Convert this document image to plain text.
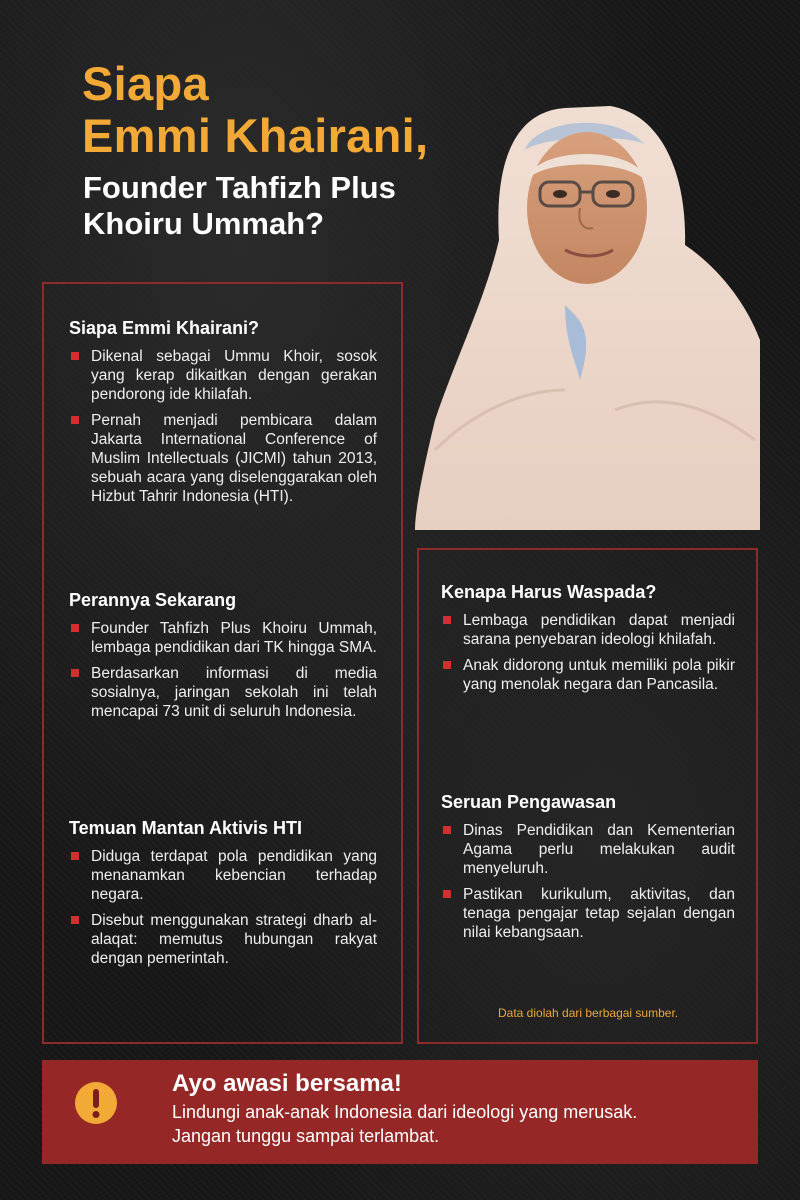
Siapa
Emmi Khairani,
Founder Tahfizh Plus
Khoiru Ummah?
Siapa Emmi Khairani?
Dikenal sebagai Ummu Khoir, sosok yang kerap dikaitkan dengan gerakan pendorong ide khilafah.
Pernah menjadi pembicara dalam Jakarta International Conference of Muslim Intellectuals (JICMI) tahun 2013, sebuah acara yang diselenggarakan oleh Hizbut Tahrir Indonesia (HTI).
Perannya Sekarang
Founder Tahfizh Plus Khoiru Ummah, lembaga pendidikan dari TK hingga SMA.
Berdasarkan informasi di media sosialnya, jaringan sekolah ini telah mencapai 73 unit di seluruh Indonesia.
Temuan Mantan Aktivis HTI
Diduga terdapat pola pendidikan yang menanamkan kebencian terhadap negara.
Disebut menggunakan strategi dharb al-alaqat: memutus hubungan rakyat dengan pemerintah.
Kenapa Harus Waspada?
Lembaga pendidikan dapat menjadi sarana penyebaran ideologi khilafah.
Anak didorong untuk memiliki pola pikir yang menolak negara dan Pancasila.
Seruan Pengawasan
Dinas Pendidikan dan Kementerian Agama perlu melakukan audit menyeluruh.
Pastikan kurikulum, aktivitas, dan tenaga pengajar tetap sejalan dengan nilai kebangsaan.
Data diolah dari berbagai sumber.
Ayo awasi bersama!
Lindungi anak-anak Indonesia dari ideologi yang merusak.
Jangan tunggu sampai terlambat.
